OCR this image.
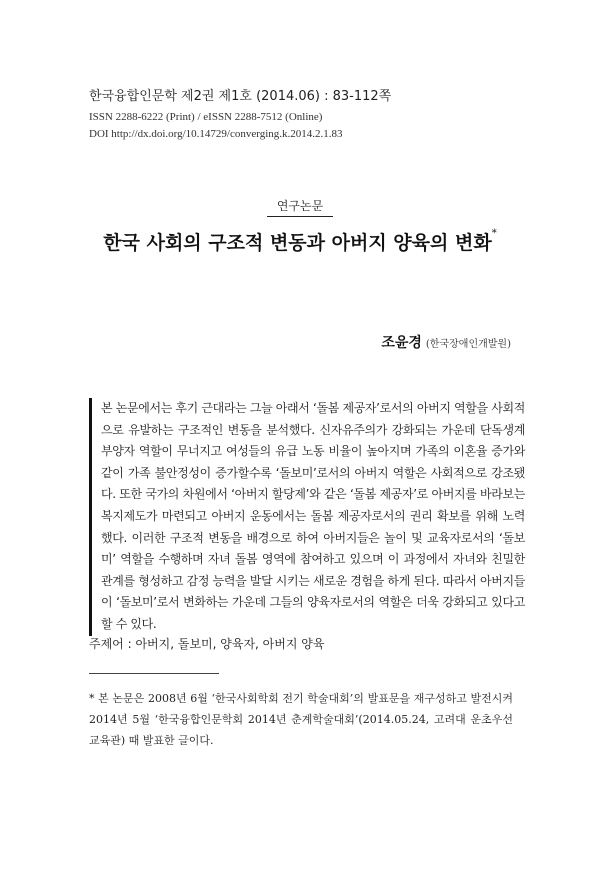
한국융합인문학 제2권 제1호 (2014.06) : 83-112쪽

ISSN 2288-6222 (Print) / eISSN 2288-7512 (Online)

DOI http://dx.doi.org/10.14729/converging.k.2014.2.1.83

연구논문
한국 사회의 구조적 변동과 아버지 양육의 변화*
조윤경 (한국장애인개발원)

본 논문에서는 후기 근대라는 그늘 아래서 ‘돌봄 제공자’로서의 아버지 역할을 사회적으로 유발하는 구조적인 변동을 분석했다. 신자유주의가 강화되는 가운데 단독생계 부양자 역할이 무너지고 여성들의 유급 노동 비율이 높아지며 가족의 이혼율 증가와 같이 가족 불안정성이 증가할수록 ‘돌보미’로서의 아버지 역할은 사회적으로 강조됐다. 또한 국가의 차원에서 ‘아버지 할당제’와 같은 ‘돌봄 제공자’로 아버지를 바라보는 복지제도가 마련되고 아버지 운동에서는 돌봄 제공자로서의 권리 확보를 위해 노력했다. 이러한 구조적 변동을 배경으로 하여 아버지들은 놀이 및 교육자로서의 ‘돌보미’ 역할을 수행하며 자녀 돌봄 영역에 참여하고 있으며 이 과정에서 자녀와 친밀한 관계를 형성하고 감정 능력을 발달 시키는 새로운 경험을 하게 된다. 따라서 아버지들이 ‘돌보미’로서 변화하는 가운데 그들의 양육자로서의 역할은 더욱 강화되고 있다고 할 수 있다.

주제어 : 아버지, 돌보미, 양육자, 아버지 양육

* 본 논문은 2008년 6월 ‘한국사회학회 전기 학술대회’의 발표문을 재구성하고 발전시켜 2014년 5월 ‘한국융합인문학회 2014년 춘계학술대회’(2014.05.24, 고려대 운초우선교육관) 때 발표한 글이다.
